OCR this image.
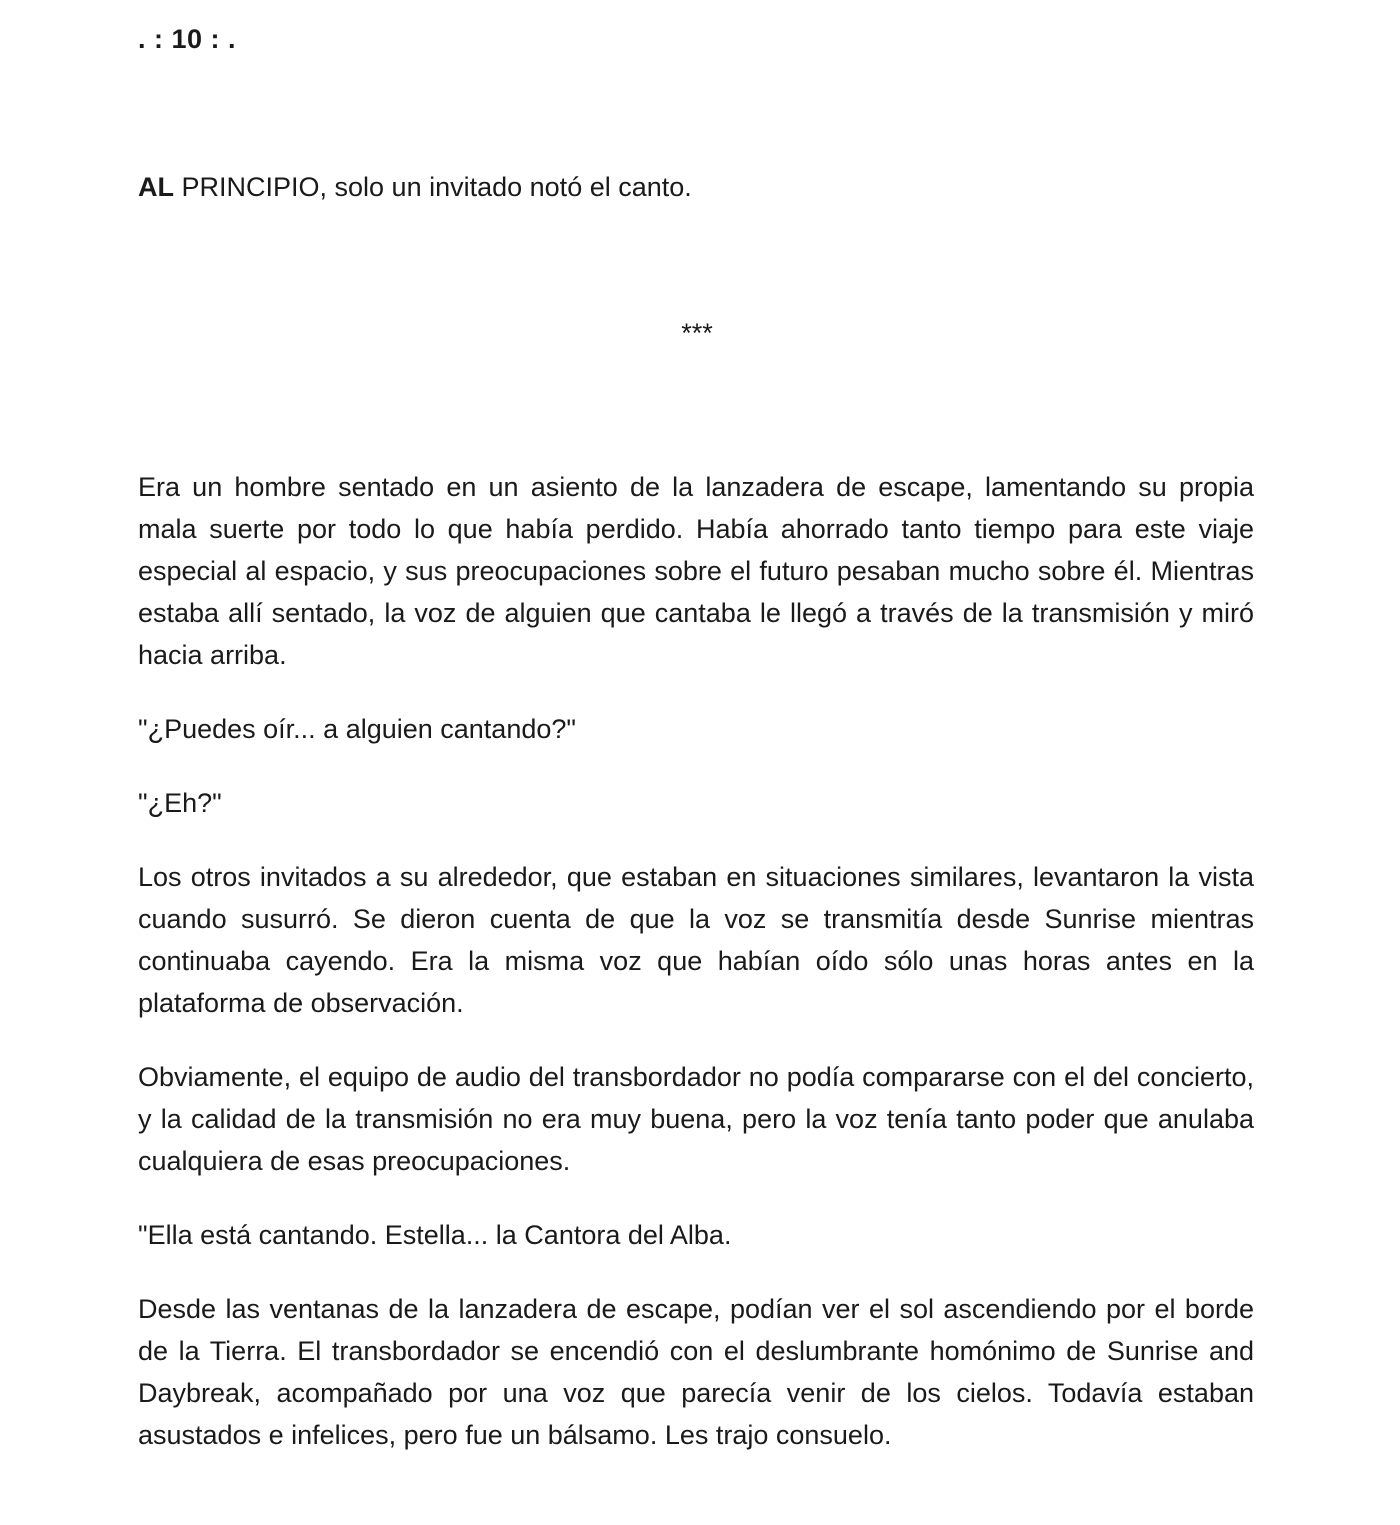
. : 10 : .

AL PRINCIPIO, solo un invitado notó el canto.

***

Era un hombre sentado en un asiento de la lanzadera de escape, lamentando su propia mala suerte por todo lo que había perdido. Había ahorrado tanto tiempo para este viaje especial al espacio, y sus preocupaciones sobre el futuro pesaban mucho sobre él. Mientras estaba allí sentado, la voz de alguien que cantaba le llegó a través de la transmisión y miró hacia arriba.

"¿Puedes oír... a alguien cantando?"

"¿Eh?"

Los otros invitados a su alrededor, que estaban en situaciones similares, levantaron la vista cuando susurró. Se dieron cuenta de que la voz se transmitía desde Sunrise mientras continuaba cayendo. Era la misma voz que habían oído sólo unas horas antes en la plataforma de observación.

Obviamente, el equipo de audio del transbordador no podía compararse con el del concierto, y la calidad de la transmisión no era muy buena, pero la voz tenía tanto poder que anulaba cualquiera de esas preocupaciones.

"Ella está cantando. Estella... la Cantora del Alba.

Desde las ventanas de la lanzadera de escape, podían ver el sol ascendiendo por el borde de la Tierra. El transbordador se encendió con el deslumbrante homónimo de Sunrise and Daybreak, acompañado por una voz que parecía venir de los cielos. Todavía estaban asustados e infelices, pero fue un bálsamo. Les trajo consuelo.
